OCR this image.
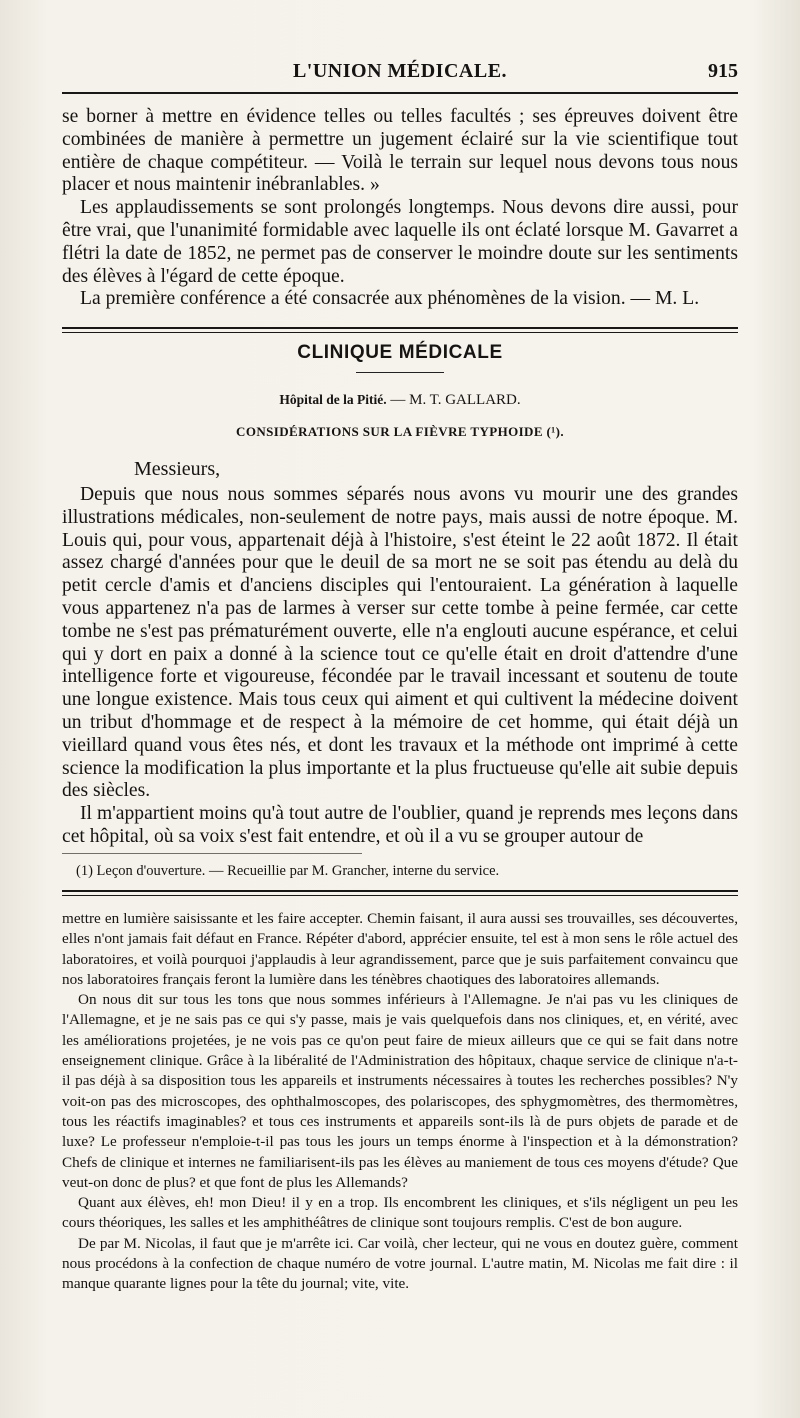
L'UNION MÉDICALE.	915

se borner à mettre en évidence telles ou telles facultés ; ses épreuves doivent être combinées de manière à permettre un jugement éclairé sur la vie scientifique tout entière de chaque compétiteur. — Voilà le terrain sur lequel nous devons tous nous placer et nous maintenir inébranlables. »

Les applaudissements se sont prolongés longtemps. Nous devons dire aussi, pour être vrai, que l'unanimité formidable avec laquelle ils ont éclaté lorsque M. Gavarret a flétri la date de 1852, ne permet pas de conserver le moindre doute sur les sentiments des élèves à l'égard de cette époque.

La première conférence a été consacrée aux phénomènes de la vision. — M. L.

CLINIQUE MÉDICALE
Hôpital de la Pitié. — M. T. GALLARD.
CONSIDÉRATIONS SUR LA FIÈVRE TYPHOIDE (¹).
Messieurs,

Depuis que nous nous sommes séparés nous avons vu mourir une des grandes illustrations médicales, non-seulement de notre pays, mais aussi de notre époque. M. Louis qui, pour vous, appartenait déjà à l'histoire, s'est éteint le 22 août 1872. Il était assez chargé d'années pour que le deuil de sa mort ne se soit pas étendu au delà du petit cercle d'amis et d'anciens disciples qui l'entouraient. La génération à laquelle vous appartenez n'a pas de larmes à verser sur cette tombe à peine fermée, car cette tombe ne s'est pas prématurément ouverte, elle n'a englouti aucune espérance, et celui qui y dort en paix a donné à la science tout ce qu'elle était en droit d'attendre d'une intelligence forte et vigoureuse, fécondée par le travail incessant et soutenu de toute une longue existence. Mais tous ceux qui aiment et qui cultivent la médecine doivent un tribut d'hommage et de respect à la mémoire de cet homme, qui était déjà un vieillard quand vous êtes nés, et dont les travaux et la méthode ont imprimé à cette science la modification la plus importante et la plus fructueuse qu'elle ait subie depuis des siècles.

Il m'appartient moins qu'à tout autre de l'oublier, quand je reprends mes leçons dans cet hôpital, où sa voix s'est fait entendre, et où il a vu se grouper autour de

(1) Leçon d'ouverture. — Recueillie par M. Grancher, interne du service.

mettre en lumière saisissante et les faire accepter. Chemin faisant, il aura aussi ses trouvailles, ses découvertes, elles n'ont jamais fait défaut en France. Répéter d'abord, apprécier ensuite, tel est à mon sens le rôle actuel des laboratoires, et voilà pourquoi j'applaudis à leur agrandissement, parce que je suis parfaitement convaincu que nos laboratoires français feront la lumière dans les ténèbres chaotiques des laboratoires allemands.

On nous dit sur tous les tons que nous sommes inférieurs à l'Allemagne. Je n'ai pas vu les cliniques de l'Allemagne, et je ne sais pas ce qui s'y passe, mais je vais quelquefois dans nos cliniques, et, en vérité, avec les améliorations projetées, je ne vois pas ce qu'on peut faire de mieux ailleurs que ce qui se fait dans notre enseignement clinique. Grâce à la libéralité de l'Administration des hôpitaux, chaque service de clinique n'a-t-il pas déjà à sa disposition tous les appareils et instruments nécessaires à toutes les recherches possibles? N'y voit-on pas des microscopes, des ophthalmoscopes, des polariscopes, des sphygmomètres, des thermomètres, tous les réactifs imaginables? et tous ces instruments et appareils sont-ils là de purs objets de parade et de luxe? Le professeur n'emploie-t-il pas tous les jours un temps énorme à l'inspection et à la démonstration? Chefs de clinique et internes ne familiarisent-ils pas les élèves au maniement de tous ces moyens d'étude? Que veut-on donc de plus? et que font de plus les Allemands?

Quant aux élèves, eh! mon Dieu! il y en a trop. Ils encombrent les cliniques, et s'ils négligent un peu les cours théoriques, les salles et les amphithéâtres de clinique sont toujours remplis. C'est de bon augure.

De par M. Nicolas, il faut que je m'arrête ici. Car voilà, cher lecteur, qui ne vous en doutez guère, comment nous procédons à la confection de chaque numéro de votre journal. L'autre matin, M. Nicolas me fait dire : il manque quarante lignes pour la tête du journal; vite, vite.
